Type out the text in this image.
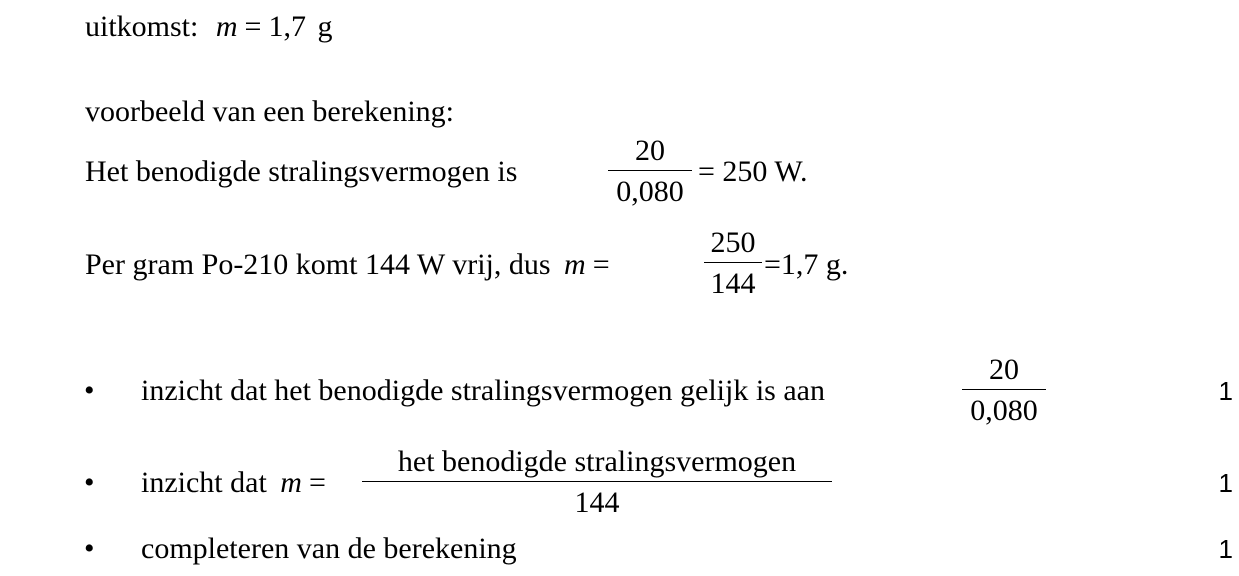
uitkomst: m = 1,7 g
voorbeeld van een berekening:
Het benodigde stralingsvermogen is
20
0,080
= 250 W.
Per gram Po-210 komt 144 W vrij, dus m =
250
144
=1,7 g.
• inzicht dat het benodigde stralingsvermogen gelijk is aan
20
0,080
1
• inzicht dat m =
het benodigde stralingsvermogen
144
1
• completeren van de berekening	1
